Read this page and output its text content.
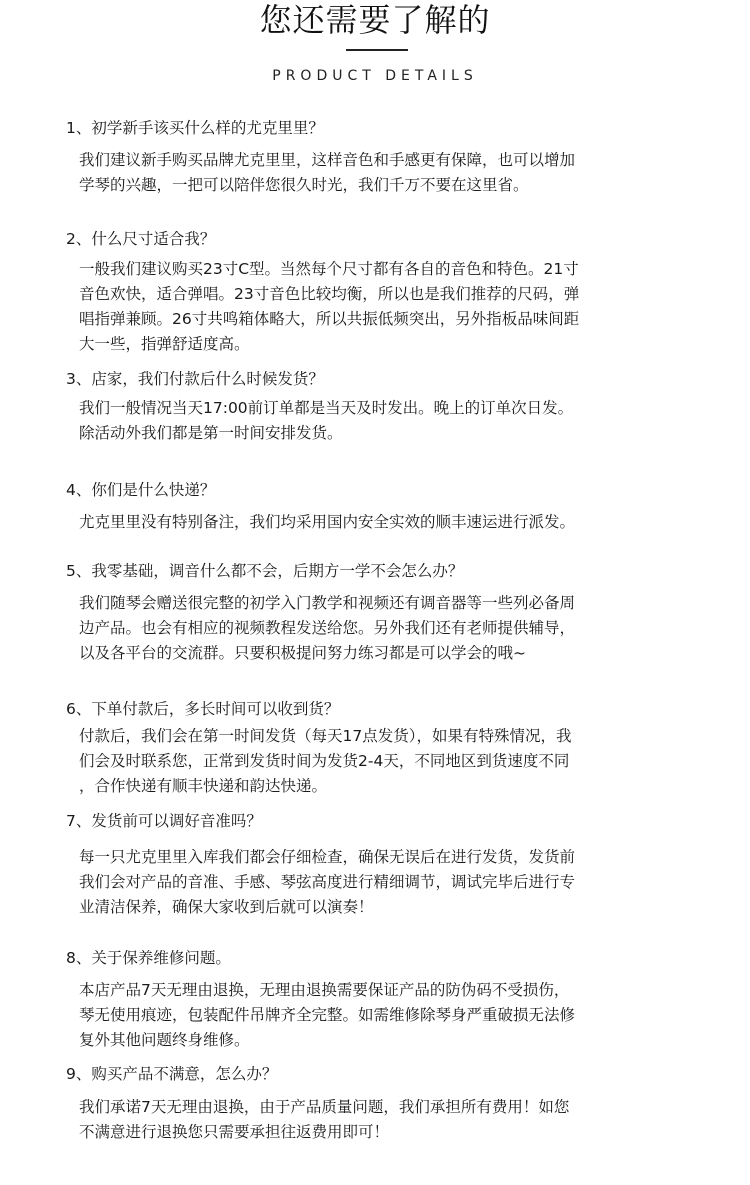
您还需要了解的
PRODUCT DETAILS
1、初学新手该买什么样的尤克里里？
我们建议新手购买品牌尤克里里，这样音色和手感更有保障，也可以增加
学琴的兴趣，一把可以陪伴您很久时光，我们千万不要在这里省。
2、什么尺寸适合我？
一般我们建议购买23寸C型。当然每个尺寸都有各自的音色和特色。21寸
音色欢快，适合弹唱。23寸音色比较均衡，所以也是我们推荐的尺码，弹
唱指弹兼顾。26寸共鸣箱体略大，所以共振低频突出，另外指板品味间距
大一些，指弹舒适度高。
3、店家，我们付款后什么时候发货？
我们一般情况当天17:00前订单都是当天及时发出。晚上的订单次日发。
除活动外我们都是第一时间安排发货。
4、你们是什么快递？
尤克里里没有特别备注，我们均采用国内安全实效的顺丰速运进行派发。
5、我零基础，调音什么都不会，后期方一学不会怎么办？
我们随琴会赠送很完整的初学入门教学和视频还有调音器等一些列必备周
边产品。也会有相应的视频教程发送给您。另外我们还有老师提供辅导，
以及各平台的交流群。只要积极提问努力练习都是可以学会的哦~
6、下单付款后，多长时间可以收到货？
付款后，我们会在第一时间发货（每天17点发货），如果有特殊情况，我
们会及时联系您，正常到发货时间为发货2-4天，不同地区到货速度不同
，合作快递有顺丰快递和韵达快递。
7、发货前可以调好音准吗？
每一只尤克里里入库我们都会仔细检查，确保无误后在进行发货，发货前
我们会对产品的音准、手感、琴弦高度进行精细调节，调试完毕后进行专
业清洁保养，确保大家收到后就可以演奏！
8、关于保养维修问题。
本店产品7天无理由退换，无理由退换需要保证产品的防伪码不受损伤，
琴无使用痕迹，包装配件吊牌齐全完整。如需维修除琴身严重破损无法修
复外其他问题终身维修。
9、购买产品不满意，怎么办？
我们承诺7天无理由退换，由于产品质量问题，我们承担所有费用！如您
不满意进行退换您只需要承担往返费用即可！
